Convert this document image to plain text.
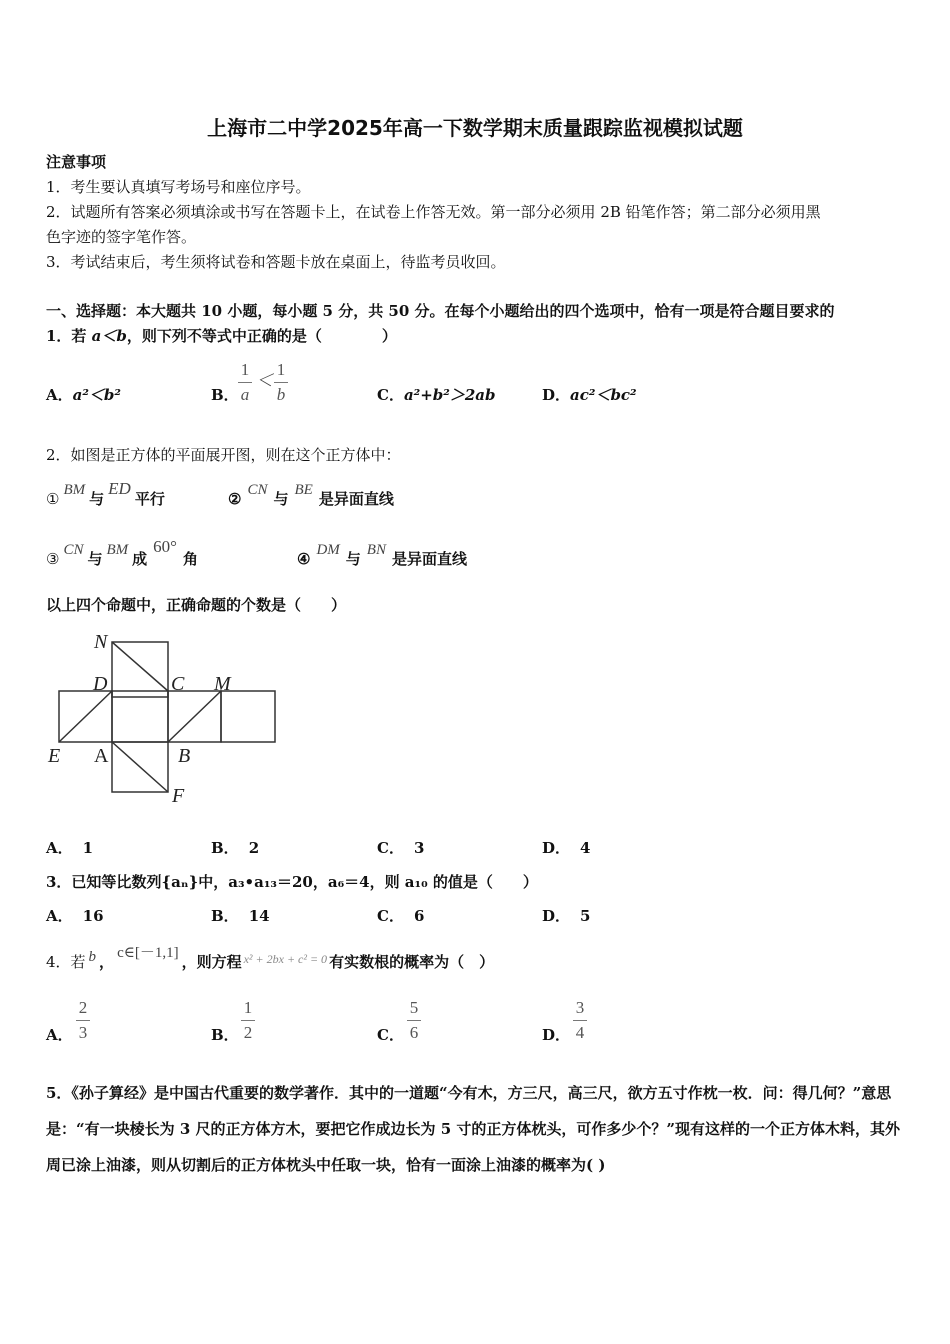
上海市二中学2025年高一下数学期末质量跟踪监视模拟试题
注意事项
1．考生要认真填写考场号和座位序号。
2．试题所有答案必须填涂或书写在答题卡上，在试卷上作答无效。第一部分必须用 2B 铅笔作答；第二部分必须用黑
色字迹的签字笔作答。
3．考试结束后，考生须将试卷和答题卡放在桌面上，待监考员收回。
一、选择题：本大题共 10 小题，每小题 5 分，共 50 分。在每个小题给出的四个选项中，恰有一项是符合题目要求的
1．若 a＜b，则下列不等式中正确的是（　　　　）
A．a²＜b²	B．
1
a
＜
1
b	C．a²+b²＞2ab	D．ac²＜bc²
2．如图是正方体的平面展开图，则在这个正方体中：
① BM 与ED平行	② CN 与 BE 是异面直线
③ CN 与 BM 成60°角	④ DM 与 BN 是异面直线
以上四个命题中，正确命题的个数是（　　）
N
D	C M
E A	B
F
A． 1	B． 2	C． 3	D． 4
3．已知等比数列{aₙ}中，a₃•a₁₃＝20，a₆＝4，则 a₁₀ 的值是（　　）
A． 16	B． 14	C． 6	D． 5
4．若 b ， c∈[－1,1] ，则方程 $^{x^2 + 2bx + c^2 = 0}$ 有实数根的概率为（　）
A．
2
3	B．
1
2	C．
5
6	D．
3
4
5．《孙子算经》是中国古代重要的数学著作．其中的一道题“今有木，方三尺，高三尺，欲方五寸作枕一枚．问：得几何？”意思是：“有一块棱长为 3 尺的正方体方木，要把它作成边长为 5 寸的正方体枕头，可作多少个？”现有这样的一个正方体木料，其外周已涂上油漆，则从切割后的正方体枕头中任取一块，恰有一面涂上油漆的概率为( )
